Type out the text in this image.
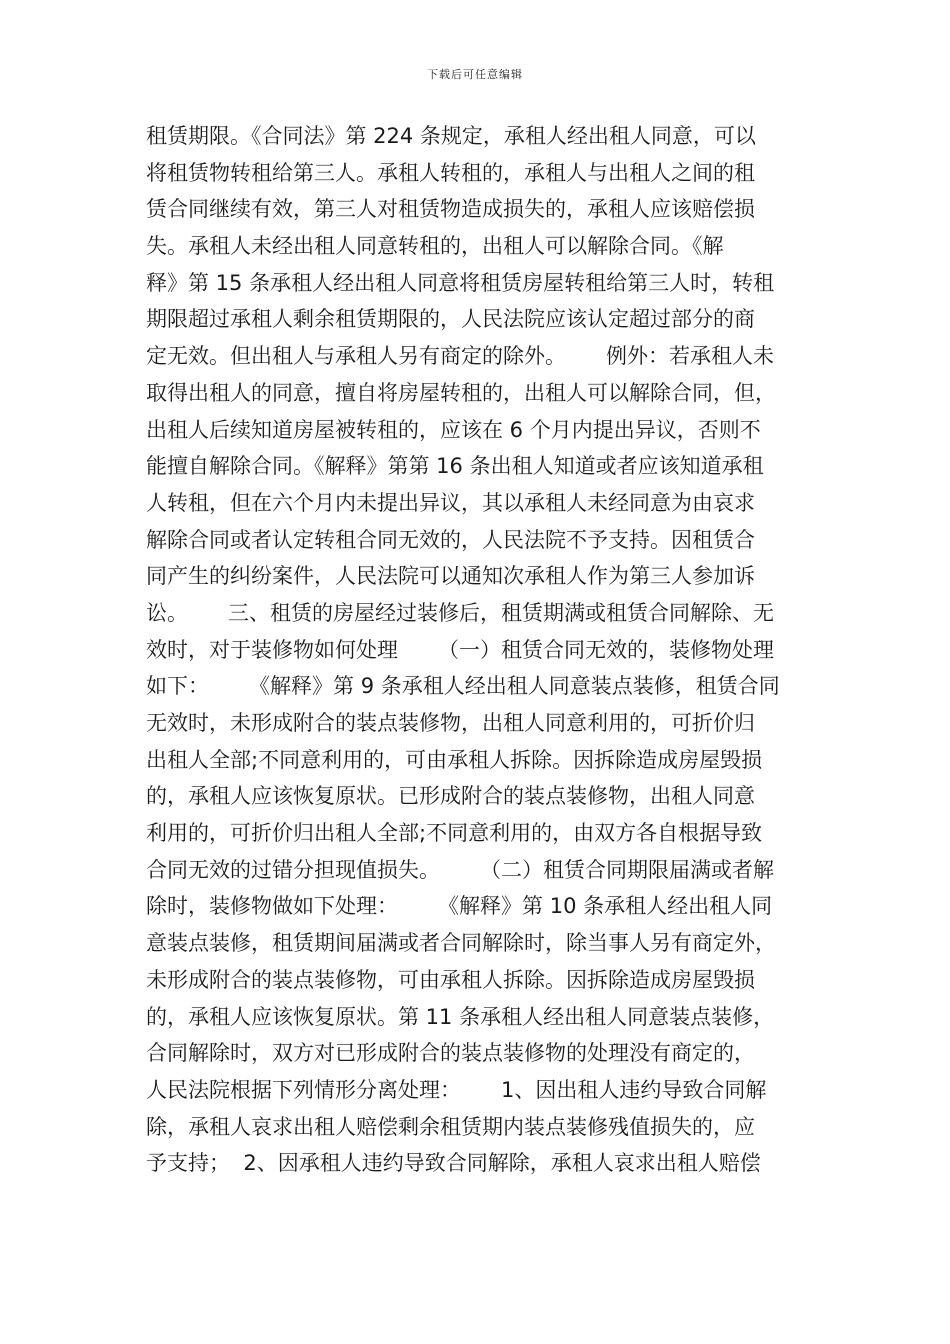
下载后可任意编辑
租赁期限。《合同法》第 224 条规定，承租人经出租人同意，可以
将租赁物转租给第三人。承租人转租的，承租人与出租人之间的租
赁合同继续有效，第三人对租赁物造成损失的，承租人应该赔偿损
失。承租人未经出租人同意转租的，出租人可以解除合同。《解
释》第 15 条承租人经出租人同意将租赁房屋转租给第三人时，转租
期限超过承租人剩余租赁期限的，人民法院应该认定超过部分的商
定无效。但出租人与承租人另有商定的除外。      例外：若承租人未
取得出租人的同意，擅自将房屋转租的，出租人可以解除合同，但，
出租人后续知道房屋被转租的，应该在 6 个月内提出异议，否则不
能擅自解除合同。《解释》第第 16 条出租人知道或者应该知道承租
人转租，但在六个月内未提出异议，其以承租人未经同意为由哀求
解除合同或者认定转租合同无效的，人民法院不予支持。因租赁合
同产生的纠纷案件，人民法院可以通知次承租人作为第三人参加诉
讼。      三、租赁的房屋经过装修后，租赁期满或租赁合同解除、无
效时，对于装修物如何处理      （一）租赁合同无效的，装修物处理
如下：      《解释》第 9 条承租人经出租人同意装点装修，租赁合同
无效时，未形成附合的装点装修物，出租人同意利用的，可折价归
出租人全部;不同意利用的，可由承租人拆除。因拆除造成房屋毁损
的，承租人应该恢复原状。已形成附合的装点装修物，出租人同意
利用的，可折价归出租人全部;不同意利用的，由双方各自根据导致
合同无效的过错分担现值损失。      （二）租赁合同期限届满或者解
除时，装修物做如下处理：      《解释》第 10 条承租人经出租人同
意装点装修，租赁期间届满或者合同解除时，除当事人另有商定外，
未形成附合的装点装修物，可由承租人拆除。因拆除造成房屋毁损
的，承租人应该恢复原状。第 11 条承租人经出租人同意装点装修，
合同解除时，双方对已形成附合的装点装修物的处理没有商定的，
人民法院根据下列情形分离处理：      1、因出租人违约导致合同解
除，承租人哀求出租人赔偿剩余租赁期内装点装修残值损失的，应
予支持；  2、因承租人违约导致合同解除，承租人哀求出租人赔偿
